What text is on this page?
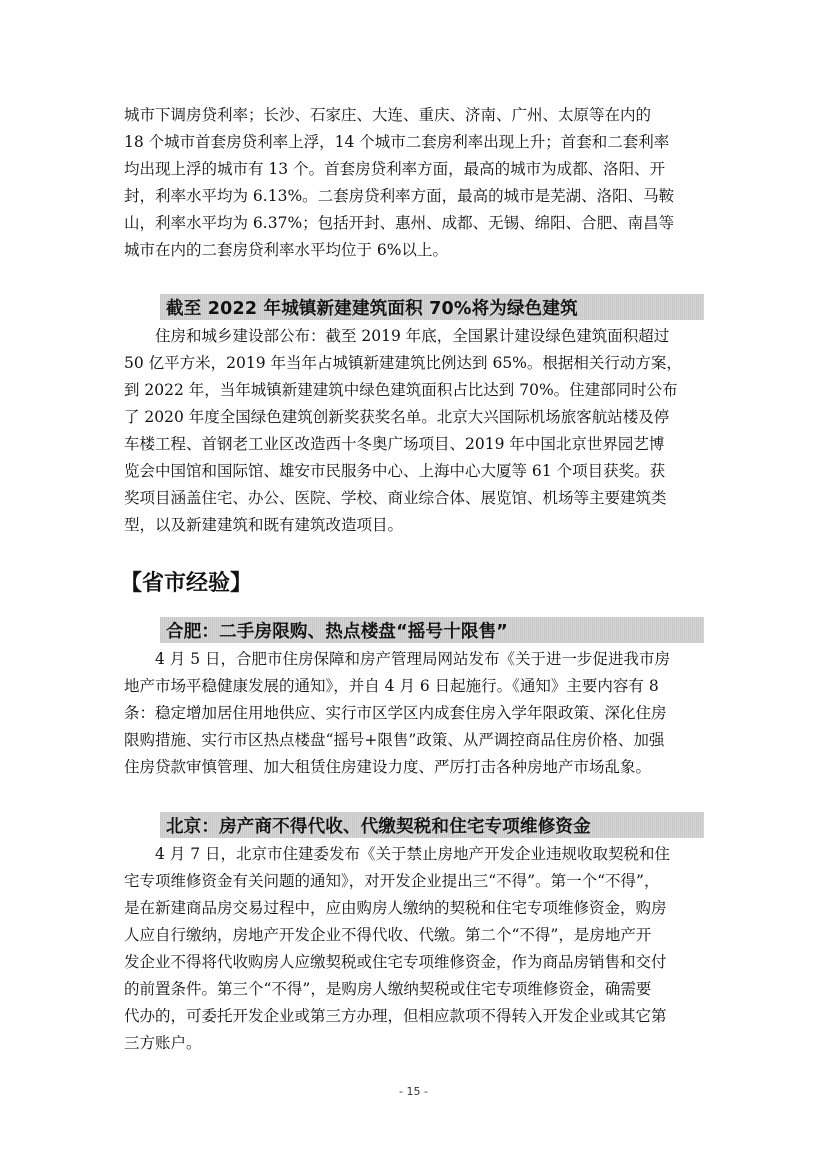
城市下调房贷利率；长沙、石家庄、大连、重庆、济南、广州、太原等在内的
18 个城市首套房贷利率上浮，14 个城市二套房利率出现上升；首套和二套利率
均出现上浮的城市有 13 个。首套房贷利率方面，最高的城市为成都、洛阳、开
封，利率水平均为 6.13%。二套房贷利率方面，最高的城市是芜湖、洛阳、马鞍
山，利率水平均为 6.37%；包括开封、惠州、成都、无锡、绵阳、合肥、南昌等
城市在内的二套房贷利率水平均位于 6%以上。
截至 2022 年城镇新建建筑面积 70%将为绿色建筑
　　住房和城乡建设部公布：截至 2019 年底，全国累计建设绿色建筑面积超过
50 亿平方米，2019 年当年占城镇新建建筑比例达到 65%。根据相关行动方案，
到 2022 年，当年城镇新建建筑中绿色建筑面积占比达到 70%。住建部同时公布
了 2020 年度全国绿色建筑创新奖获奖名单。北京大兴国际机场旅客航站楼及停
车楼工程、首钢老工业区改造西十冬奥广场项目、2019 年中国北京世界园艺博
览会中国馆和国际馆、雄安市民服务中心、上海中心大厦等 61 个项目获奖。获
奖项目涵盖住宅、办公、医院、学校、商业综合体、展览馆、机场等主要建筑类
型，以及新建建筑和既有建筑改造项目。
【省市经验】
合肥：二手房限购、热点楼盘“摇号十限售”
　　4 月 5 日，合肥市住房保障和房产管理局网站发布《关于进一步促进我市房
地产市场平稳健康发展的通知》，并自 4 月 6 日起施行。《通知》主要内容有 8
条：稳定增加居住用地供应、实行市区学区内成套住房入学年限政策、深化住房
限购措施、实行市区热点楼盘“摇号+限售”政策、从严调控商品住房价格、加强
住房贷款审慎管理、加大租赁住房建设力度、严厉打击各种房地产市场乱象。
北京：房产商不得代收、代缴契税和住宅专项维修资金
　　4 月 7 日，北京市住建委发布《关于禁止房地产开发企业违规收取契税和住
宅专项维修资金有关问题的通知》，对开发企业提出三“不得”。第一个“不得”，
是在新建商品房交易过程中，应由购房人缴纳的契税和住宅专项维修资金，购房
人应自行缴纳，房地产开发企业不得代收、代缴。第二个“不得”，是房地产开
发企业不得将代收购房人应缴契税或住宅专项维修资金，作为商品房销售和交付
的前置条件。第三个“不得”，是购房人缴纳契税或住宅专项维修资金，确需要
代办的，可委托开发企业或第三方办理，但相应款项不得转入开发企业或其它第
三方账户。
- 15 -
